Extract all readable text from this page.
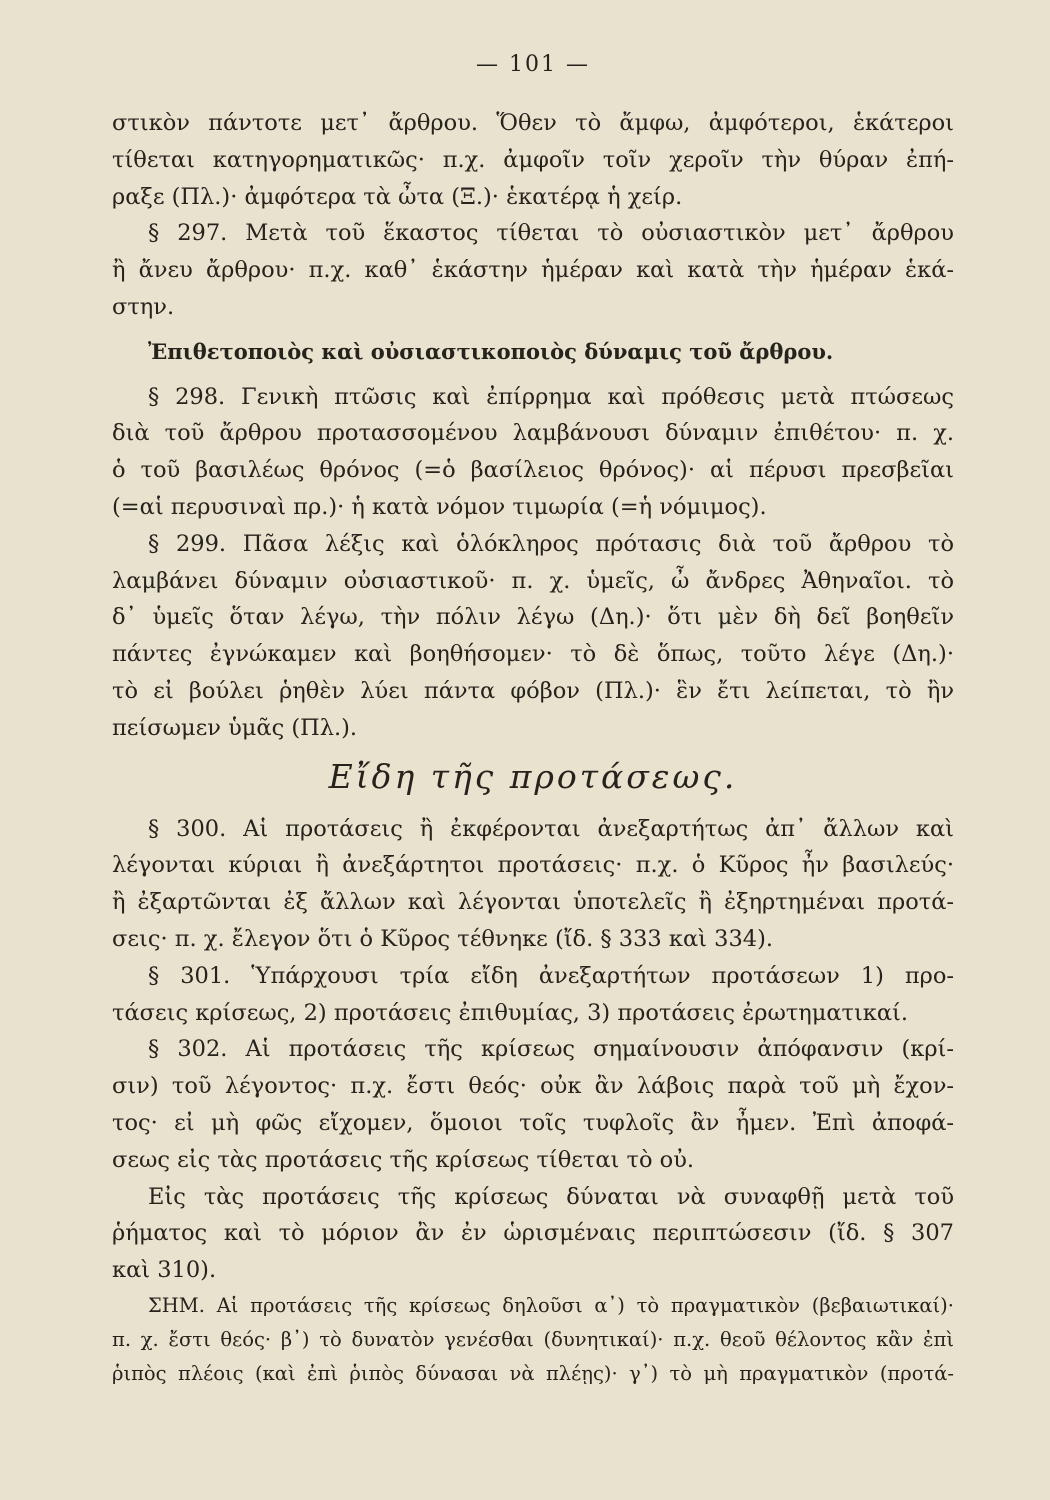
— 101 —
στικὸν πάντοτε μετ᾽ ἄρθρου. Ὅθεν τὸ ἄμφω, ἀμφότεροι, ἑκάτεροι
τίθεται κατηγορηματικῶς· π.χ. ἀμφοῖν τοῖν χεροῖν τὴν θύραν ἐπή-
ραξε (Πλ.)· ἀμφότερα τὰ ὦτα (Ξ.)· ἑκατέρᾳ ἡ χείρ.
§ 297. Μετὰ τοῦ ἕκαστος τίθεται τὸ οὐσιαστικὸν μετ᾽ ἄρθρου
ἢ ἄνευ ἄρθρου· π.χ. καθ᾽ ἑκάστην ἡμέραν καὶ κατὰ τὴν ἡμέραν ἑκά-
στην.
Ἐπιθετοποιὸς καὶ οὐσιαστικοποιὸς δύναμις τοῦ ἄρθρου.
§ 298. Γενικὴ πτῶσις καὶ ἐπίρρημα καὶ πρόθεσις μετὰ πτώσεως
διὰ τοῦ ἄρθρου προτασσομένου λαμβάνουσι δύναμιν ἐπιθέτου· π. χ.
ὁ τοῦ βασιλέως θρόνος (=ὁ βασίλειος θρόνος)· αἱ πέρυσι πρεσβεῖαι
(=αἱ περυσιναὶ πρ.)· ἡ κατὰ νόμον τιμωρία (=ἡ νόμιμος).
§ 299. Πᾶσα λέξις καὶ ὁλόκληρος πρότασις διὰ τοῦ ἄρθρου τὸ
λαμβάνει δύναμιν οὐσιαστικοῦ· π. χ. ὑμεῖς, ὦ ἄνδρες Ἀθηναῖοι. τὸ
δ᾽ ὑμεῖς ὅταν λέγω, τὴν πόλιν λέγω (Δη.)· ὅτι μὲν δὴ δεῖ βοηθεῖν
πάντες ἐγνώκαμεν καὶ βοηθήσομεν· τὸ δὲ ὅπως, τοῦτο λέγε (Δη.)·
τὸ εἰ βούλει ῥηθὲν λύει πάντα φόβον (Πλ.)· ἓν ἔτι λείπεται, τὸ ἢν
πείσωμεν ὑμᾶς (Πλ.).
Εἴδη τῆς προτάσεως.
§ 300. Αἱ προτάσεις ἢ ἐκφέρονται ἀνεξαρτήτως ἀπ᾽ ἄλλων καὶ
λέγονται κύριαι ἢ ἀνεξάρτητοι προτάσεις· π.χ. ὁ Κῦρος ἦν βασιλεύς·
ἢ ἐξαρτῶνται ἐξ ἄλλων καὶ λέγονται ὑποτελεῖς ἢ ἐξηρτημέναι προτά-
σεις· π. χ. ἔλεγον ὅτι ὁ Κῦρος τέθνηκε (ἴδ. § 333 καὶ 334).
§ 301. Ὑπάρχουσι τρία εἴδη ἀνεξαρτήτων προτάσεων 1) προ-
τάσεις κρίσεως, 2) προτάσεις ἐπιθυμίας, 3) προτάσεις ἐρωτηματικαί.
§ 302. Αἱ προτάσεις τῆς κρίσεως σημαίνουσιν ἀπόφανσιν (κρί-
σιν) τοῦ λέγοντος· π.χ. ἔστι θεός· οὐκ ἂν λάβοις παρὰ τοῦ μὴ ἔχον-
τος· εἰ μὴ φῶς εἴχομεν, ὅμοιοι τοῖς τυφλοῖς ἂν ἦμεν. Ἐπὶ ἀποφά-
σεως εἰς τὰς προτάσεις τῆς κρίσεως τίθεται τὸ οὐ.
Εἰς τὰς προτάσεις τῆς κρίσεως δύναται νὰ συναφθῇ μετὰ τοῦ
ῥήματος καὶ τὸ μόριον ἂν ἐν ὡρισμέναις περιπτώσεσιν (ἴδ. § 307
καὶ 310).
ΣΗΜ. Αἱ προτάσεις τῆς κρίσεως δηλοῦσι α᾽) τὸ πραγματικὸν (βεβαιωτικαί)·
π. χ. ἔστι θεός· β᾽) τὸ δυνατὸν γενέσθαι (δυνητικαί)· π.χ. θεοῦ θέλοντος κἂν ἐπὶ
ῥιπὸς πλέοις (καὶ ἐπὶ ῥιπὸς δύνασαι νὰ πλέῃς)· γ᾽) τὸ μὴ πραγματικὸν (προτά-
